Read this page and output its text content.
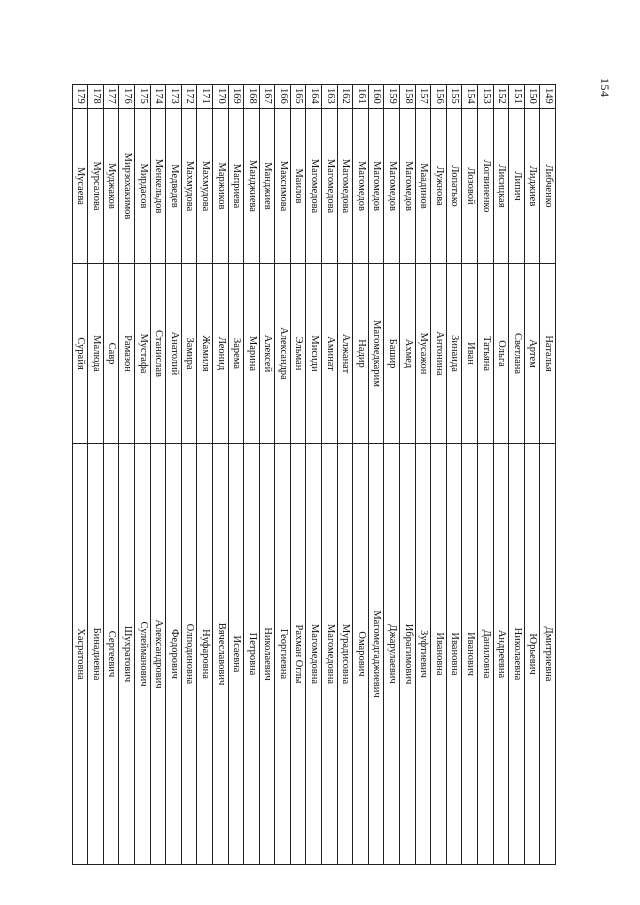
154
149	Либченко	Наталья	Дмитриевна
150	Лиджиев	Артем	Юрьевич
151	Липич	Светлана	Николаевна
152	Лисицкая	Ольга	Андреевна
153	Логвиненко	Татьяна	Даниловна
154	Лозовой	Иван	Иванович
155	Лопатько	Зинаида	Ивановна
156	Лужнова	Антонина	Ивановна
157	Маадинов	Мусажон	Зуфтиевич
158	Магомедов	Ахмед	Ибрагимович
159	Магомедов	Башир	Джарулаевич
160	Магомедов	Магомедкарим	Магомедгаджиевич
161	Магомедов	Надир	Омарович
162	Магомедова	Алжанат	Мурадисовна
163	Магомедова	Аминат	Магомедовна
164	Магомедова	Мисиди	Магомедовна
165	Маилов	Эльман	Рахман Оглы
166	Максимова	Александра	Георгиевна
167	Манджиев	Алексей	Николаевич
168	Манджиева	Марина	Петровна
169	Маприева	Зарема	Исаевна
170	Маржиков	Леонид	Вячеславович
171	Махмудова	Жамиля	Нуфаровна
172	Махмудова	Замира	Олподиновна
173	Медведев	Анатолий	Федорович
174	Менкельдов	Станислав	Александрович
175	Мирдасов	Мустафа	Сулейманович
176	Мирзохакимов	Рамазон	Шухратович
177	Муджаков	Савр	Сергеевич
178	Мурсалова	Малюда	Бинадиевна
179	Мусаева	Сурайя	Хасратовна
